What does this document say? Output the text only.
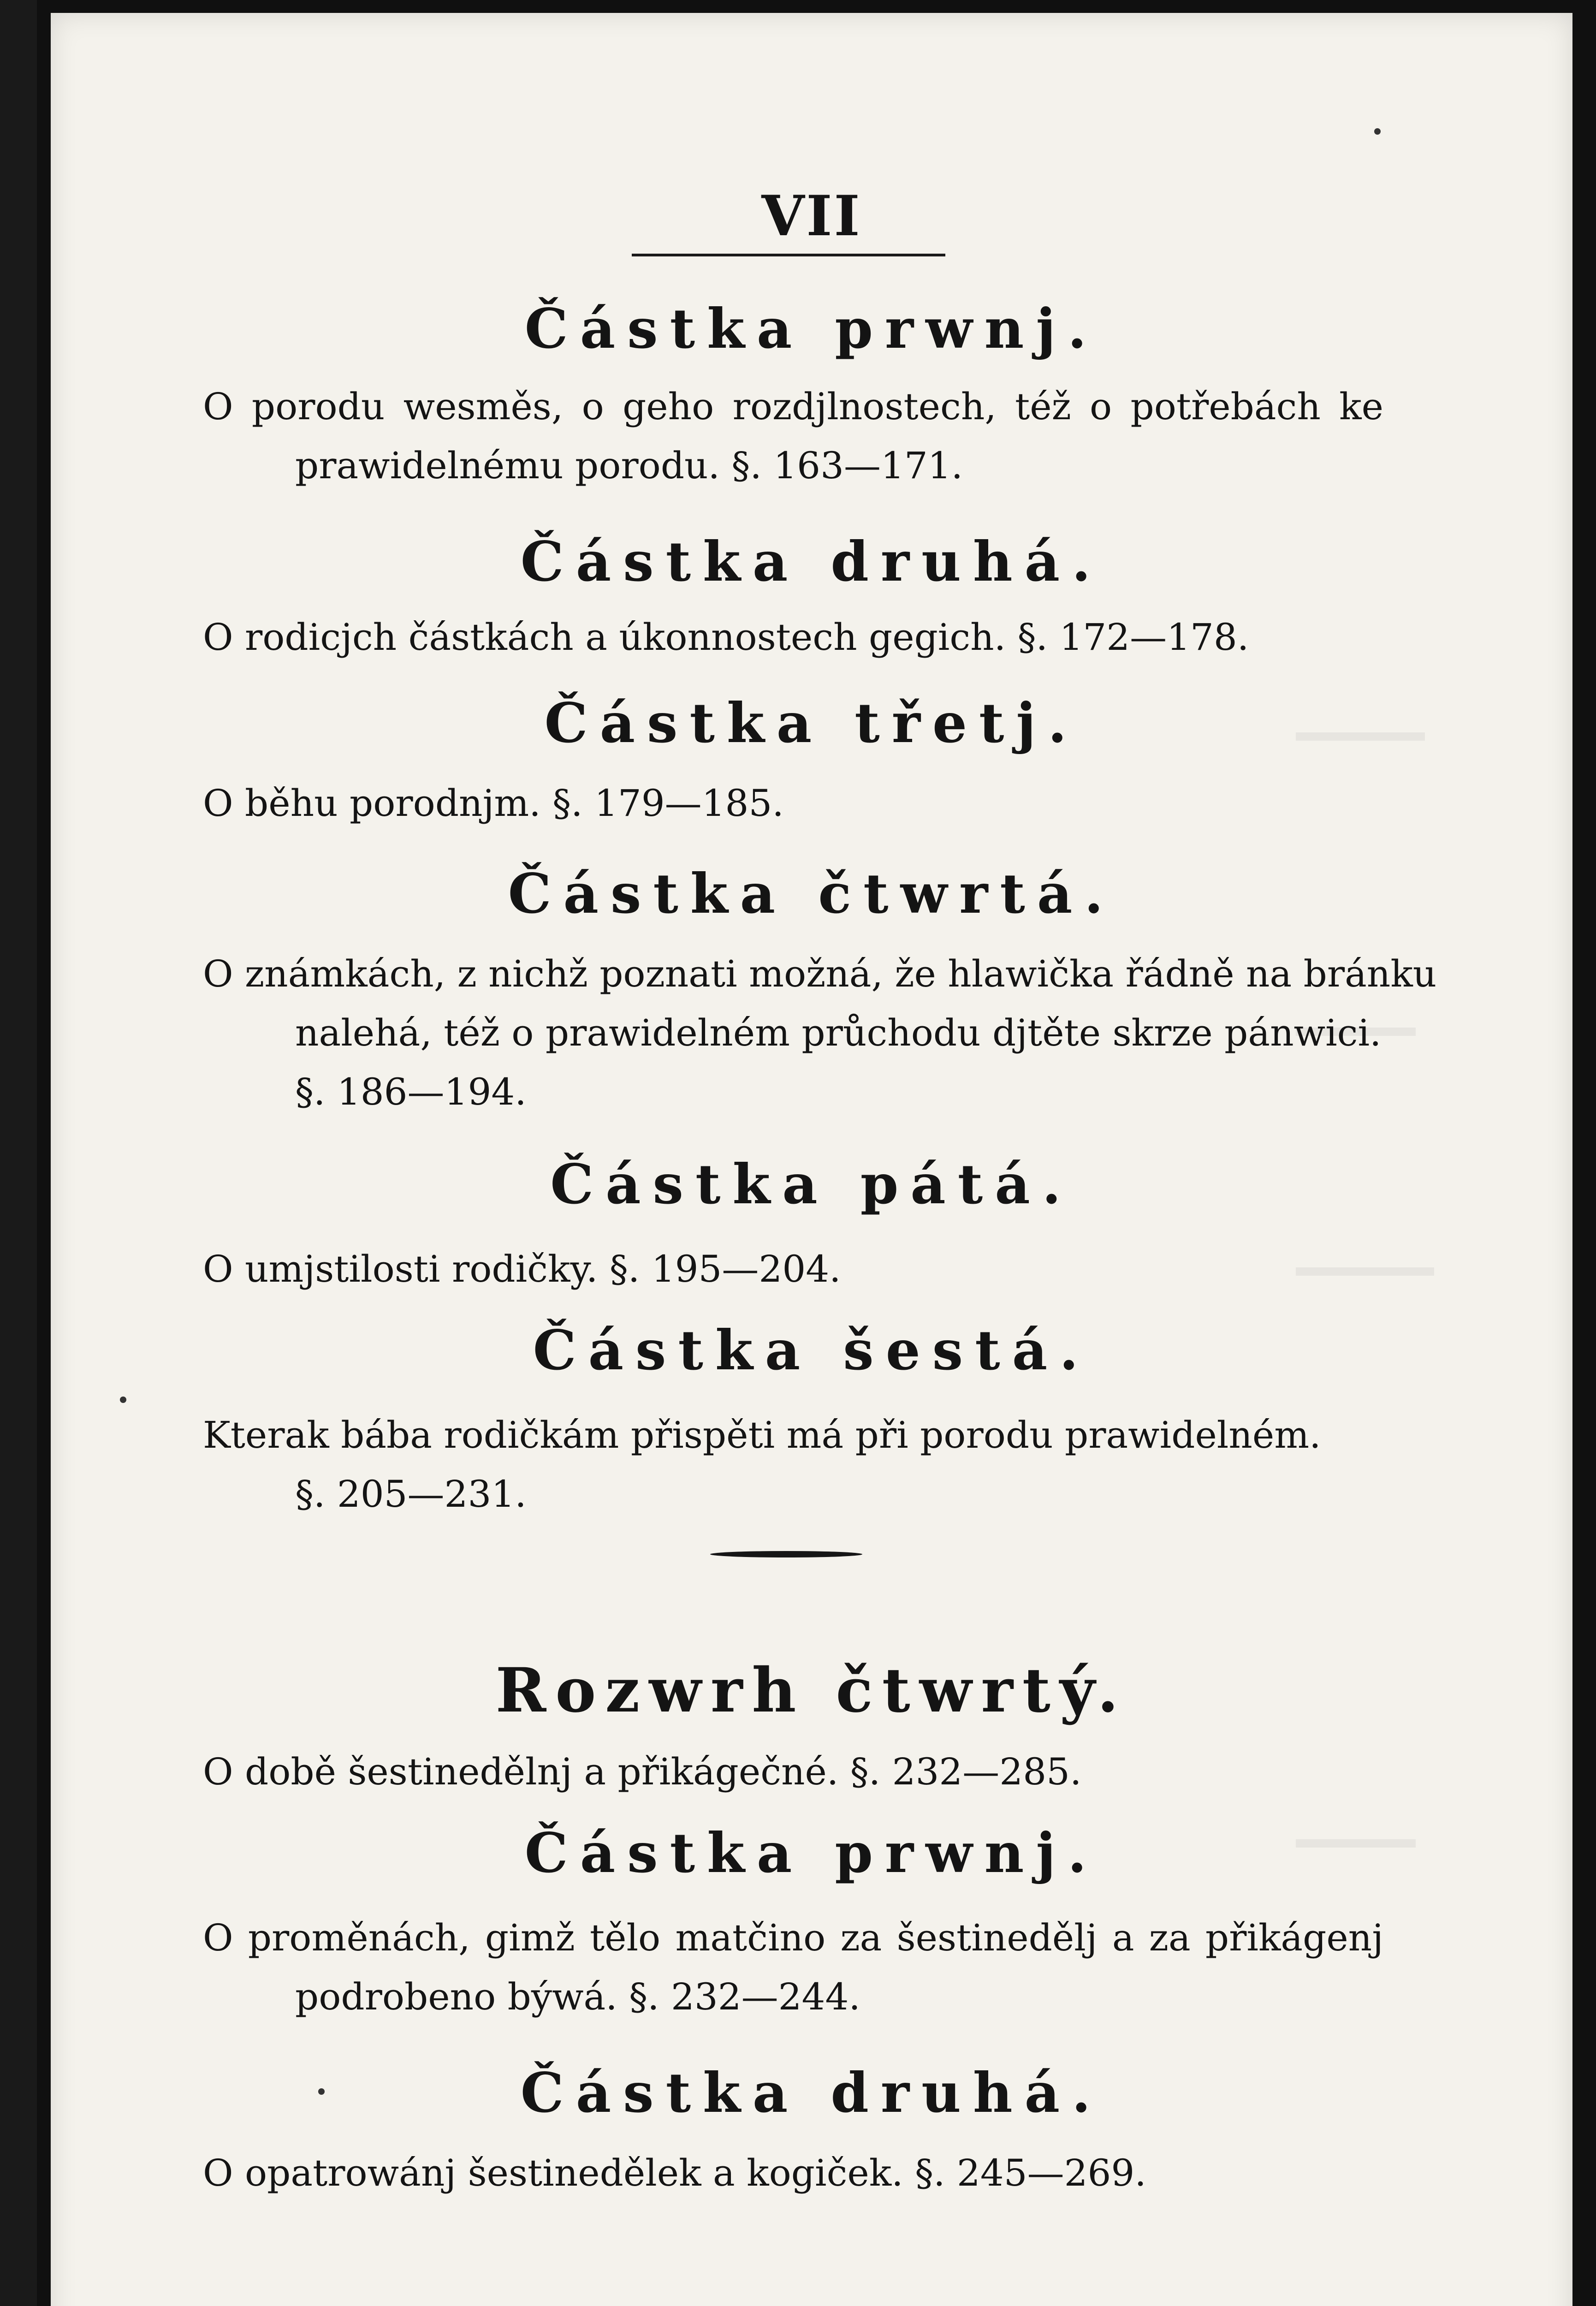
VII
Částka prwnj.
O porodu wesměs, o geho rozdjlnostech, též o potřebách ke
prawidelnému porodu. §. 163—171.
Částka druhá.
O rodicjch částkách a úkonnostech gegich. §. 172—178.
Částka třetj.
O běhu porodnjm. §. 179—185.
Částka čtwrtá.
O známkách, z nichž poznati možná, že hlawička řádně na bránku
nalehá, též o prawidelném průchodu djtěte skrze pánwici.
§. 186—194.
Částka pátá.
O umjstilosti rodičky. §. 195—204.
Částka šestá.
Kterak bába rodičkám přispěti má při porodu prawidelném.
§. 205—231.
Rozwrh čtwrtý.
O době šestinedělnj a přikágečné. §. 232—285.
Částka prwnj.
O proměnách, gimž tělo matčino za šestinedělj a za přikágenj
podrobeno býwá. §. 232—244.
Částka druhá.
O opatrowánj šestinedělek a kogiček. §. 245—269.
